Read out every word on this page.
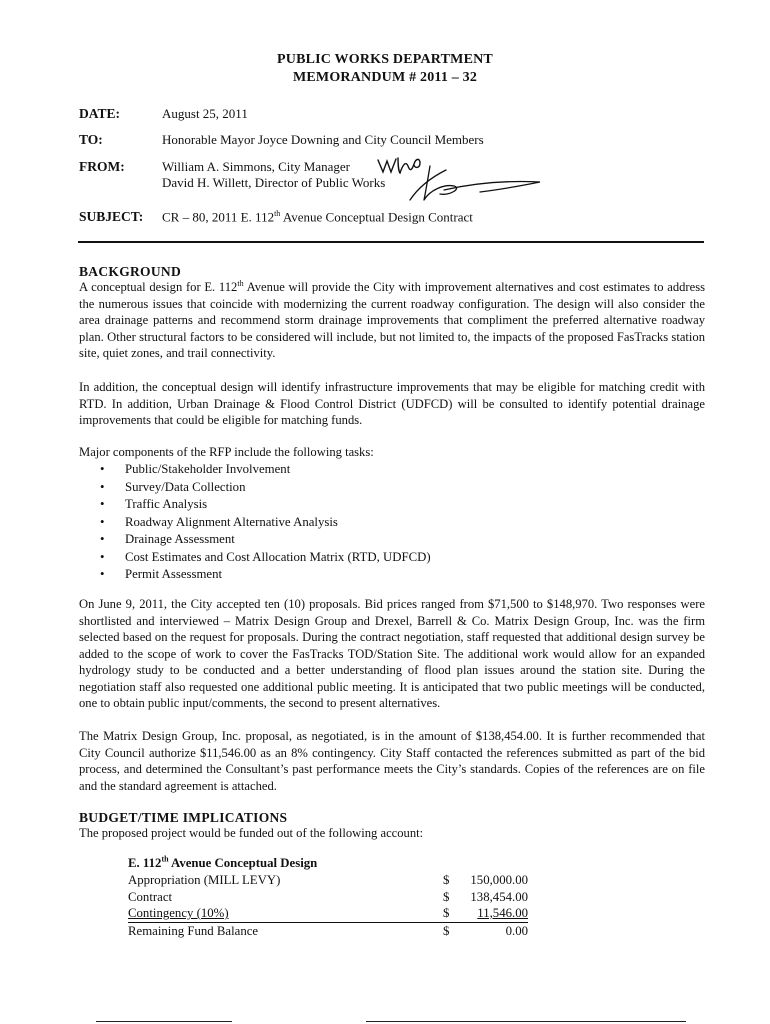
PUBLIC WORKS DEPARTMENT
MEMORANDUM # 2011 – 32
DATE:	August 25, 2011
TO:	Honorable Mayor Joyce Downing and City Council Members
FROM:	William A. Simmons, City Manager
David H. Willett, Director of Public Works
SUBJECT: CR – 80, 2011 E. 112th Avenue Conceptual Design Contract
BACKGROUND
A conceptual design for E. 112th Avenue will provide the City with improvement alternatives and cost estimates to address the numerous issues that coincide with modernizing the current roadway configuration. The design will also consider the area drainage patterns and recommend storm drainage improvements that compliment the preferred alternative roadway plan. Other structural factors to be considered will include, but not limited to, the impacts of the proposed FasTracks station site, quiet zones, and trail connectivity.
In addition, the conceptual design will identify infrastructure improvements that may be eligible for matching credit with RTD. In addition, Urban Drainage & Flood Control District (UDFCD) will be consulted to identify potential drainage improvements that could be eligible for matching funds.
Major components of the RFP include the following tasks:
• Public/Stakeholder Involvement
• Survey/Data Collection
• Traffic Analysis
• Roadway Alignment Alternative Analysis
• Drainage Assessment
• Cost Estimates and Cost Allocation Matrix (RTD, UDFCD)
• Permit Assessment
On June 9, 2011, the City accepted ten (10) proposals. Bid prices ranged from $71,500 to $148,970. Two responses were shortlisted and interviewed – Matrix Design Group and Drexel, Barrell & Co. Matrix Design Group, Inc. was the firm selected based on the request for proposals. During the contract negotiation, staff requested that additional design survey be added to the scope of work to cover the FasTracks TOD/Station Site. The additional work would allow for an expanded hydrology study to be conducted and a better understanding of flood plan issues around the station site. During the negotiation staff also requested one additional public meeting. It is anticipated that two public meetings will be conducted, one to obtain public input/comments, the second to present alternatives.
The Matrix Design Group, Inc. proposal, as negotiated, is in the amount of $138,454.00. It is further recommended that City Council authorize $11,546.00 as an 8% contingency. City Staff contacted the references submitted as part of the bid process, and determined the Consultant’s past performance meets the City’s standards. Copies of the references are on file and the standard agreement is attached.
BUDGET/TIME IMPLICATIONS
The proposed project would be funded out of the following account:
E. 112th Avenue Conceptual Design
Appropriation (MILL LEVY)	$ 150,000.00
Contract	$ 138,454.00
Contingency (10%)	$ 11,546.00
Remaining Fund Balance	$	0.00
